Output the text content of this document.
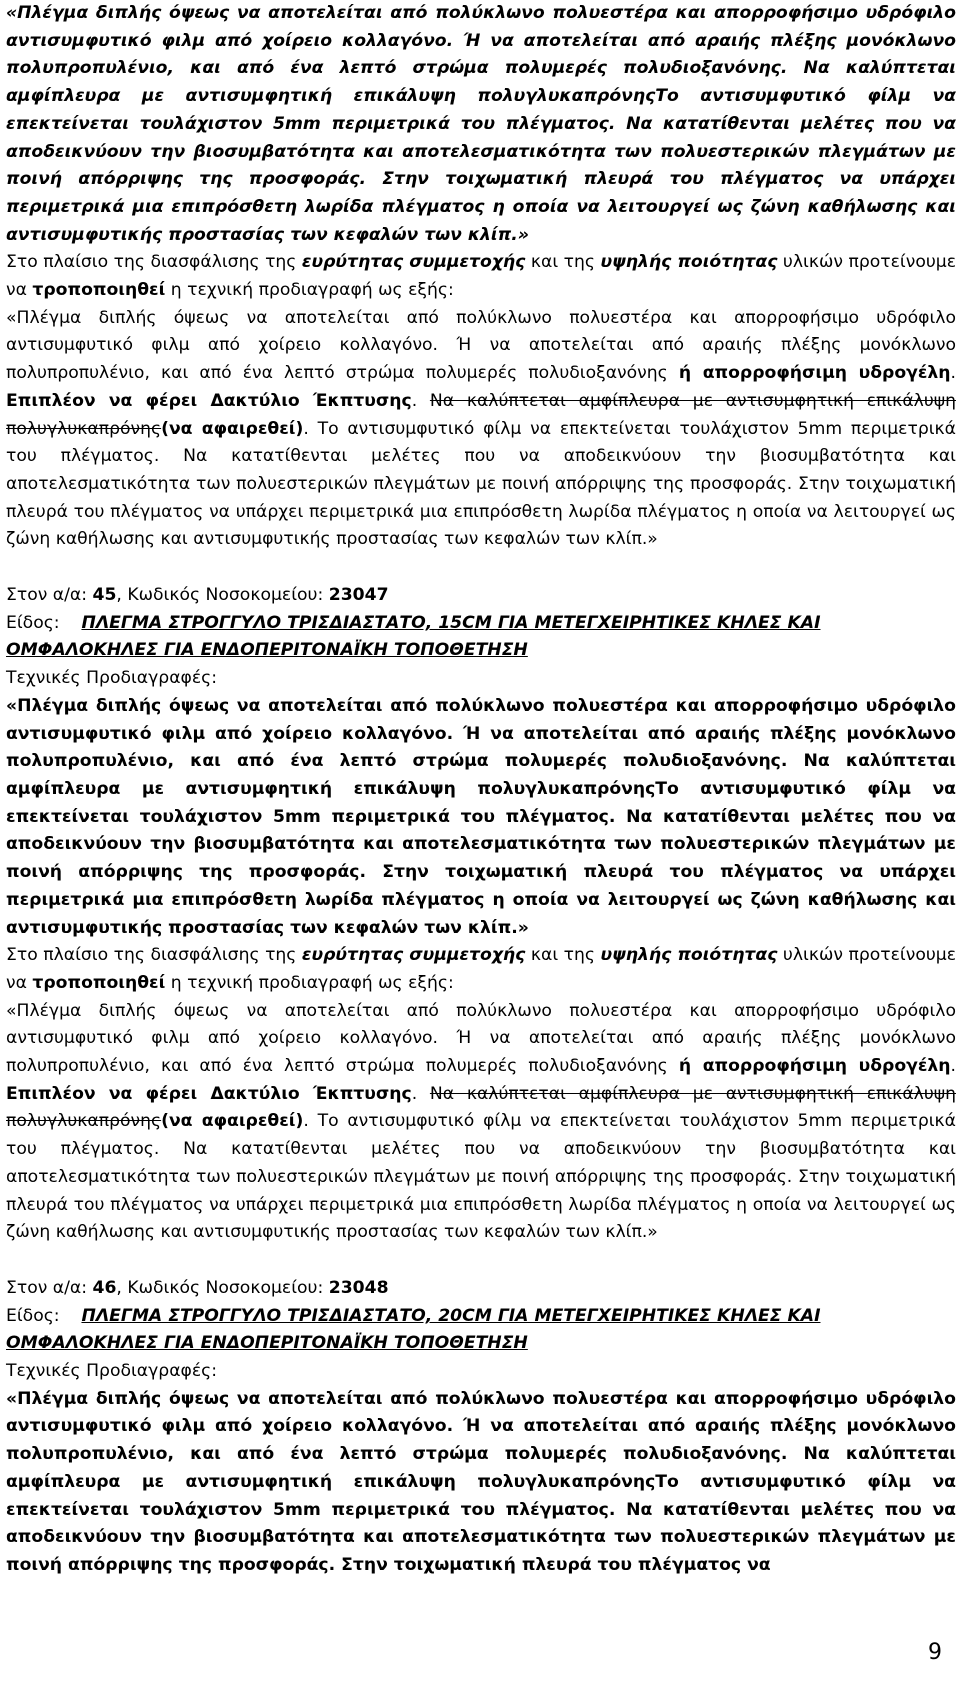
«Πλέγμα διπλής όψεως να αποτελείται από πολύκλωνο πολυεστέρα και απορροφήσιμο υδρόφιλο αντισυμφυτικό φιλμ από χοίρειο κολλαγόνο. Ή να αποτελείται από αραιής πλέξης μονόκλωνο πολυπροπυλένιο, και από ένα λεπτό στρώμα πολυμερές πολυδιοξανόνης. Να καλύπτεται αμφίπλευρα με αντισυμφητική επικάλυψη πολυγλυκαπρόνηςΤο αντισυμφυτικό φίλμ να επεκτείνεται τουλάχιστον 5mm περιμετρικά του πλέγματος. Να κατατίθενται μελέτες που να αποδεικνύουν την βιοσυμβατότητα και αποτελεσματικότητα των πολυεστερικών πλεγμάτων με ποινή απόρριψης της προσφοράς. Στην τοιχωματική πλευρά του πλέγματος να υπάρχει περιμετρικά μια επιπρόσθετη λωρίδα πλέγματος η οποία να λειτουργεί ως ζώνη καθήλωσης και αντισυμφυτικής προστασίας των κεφαλών των κλίπ.»

Στο πλαίσιο της διασφάλισης της ευρύτητας συμμετοχής και της υψηλής ποιότητας υλικών προτείνουμε να τροποποιηθεί η τεχνική προδιαγραφή ως εξής:

«Πλέγμα διπλής όψεως να αποτελείται από πολύκλωνο πολυεστέρα και απορροφήσιμο υδρόφιλο αντισυμφυτικό φιλμ από χοίρειο κολλαγόνο. Ή να αποτελείται από αραιής πλέξης μονόκλωνο πολυπροπυλένιο, και από ένα λεπτό στρώμα πολυμερές πολυδιοξανόνης ή απορροφήσιμη υδρογέλη. Επιπλέον να φέρει Δακτύλιο Έκπτυσης. Να καλύπτεται αμφίπλευρα με αντισυμφητική επικάλυψη πολυγλυκαπρόνης(να αφαιρεθεί). Το αντισυμφυτικό φίλμ να επεκτείνεται τουλάχιστον 5mm περιμετρικά του πλέγματος. Να κατατίθενται μελέτες που να αποδεικνύουν την βιοσυμβατότητα και αποτελεσματικότητα των πολυεστερικών πλεγμάτων με ποινή απόρριψης της προσφοράς. Στην τοιχωματική πλευρά του πλέγματος να υπάρχει περιμετρικά μια επιπρόσθετη λωρίδα πλέγματος η οποία να λειτουργεί ως ζώνη καθήλωσης και αντισυμφυτικής προστασίας των κεφαλών των κλίπ.»

Στον α/α: 45, Κωδικός Νοσοκομείου: 23047

Είδος: ΠΛΕΓΜΑ ΣΤΡΟΓΓΥΛΟ ΤΡΙΣΔΙΑΣΤΑΤΟ, 15CM ΓΙΑ ΜΕΤΕΓΧΕΙΡΗΤΙΚΕΣ ΚΗΛΕΣ ΚΑΙ ΟΜΦΑΛΟΚΗΛΕΣ ΓΙΑ ΕΝΔΟΠΕΡΙΤΟΝΑΪΚΗ ΤΟΠΟΘΕΤΗΣΗ

Τεχνικές Προδιαγραφές:

«Πλέγμα διπλής όψεως να αποτελείται από πολύκλωνο πολυεστέρα και απορροφήσιμο υδρόφιλο αντισυμφυτικό φιλμ από χοίρειο κολλαγόνο. Ή να αποτελείται από αραιής πλέξης μονόκλωνο πολυπροπυλένιο, και από ένα λεπτό στρώμα πολυμερές πολυδιοξανόνης. Να καλύπτεται αμφίπλευρα με αντισυμφητική επικάλυψη πολυγλυκαπρόνηςΤο αντισυμφυτικό φίλμ να επεκτείνεται τουλάχιστον 5mm περιμετρικά του πλέγματος. Να κατατίθενται μελέτες που να αποδεικνύουν την βιοσυμβατότητα και αποτελεσματικότητα των πολυεστερικών πλεγμάτων με ποινή απόρριψης της προσφοράς. Στην τοιχωματική πλευρά του πλέγματος να υπάρχει περιμετρικά μια επιπρόσθετη λωρίδα πλέγματος η οποία να λειτουργεί ως ζώνη καθήλωσης και αντισυμφυτικής προστασίας των κεφαλών των κλίπ.»

Στο πλαίσιο της διασφάλισης της ευρύτητας συμμετοχής και της υψηλής ποιότητας υλικών προτείνουμε να τροποποιηθεί η τεχνική προδιαγραφή ως εξής:

«Πλέγμα διπλής όψεως να αποτελείται από πολύκλωνο πολυεστέρα και απορροφήσιμο υδρόφιλο αντισυμφυτικό φιλμ από χοίρειο κολλαγόνο. Ή να αποτελείται από αραιής πλέξης μονόκλωνο πολυπροπυλένιο, και από ένα λεπτό στρώμα πολυμερές πολυδιοξανόνης ή απορροφήσιμη υδρογέλη. Επιπλέον να φέρει Δακτύλιο Έκπτυσης. Να καλύπτεται αμφίπλευρα με αντισυμφητική επικάλυψη πολυγλυκαπρόνης(να αφαιρεθεί). Το αντισυμφυτικό φίλμ να επεκτείνεται τουλάχιστον 5mm περιμετρικά του πλέγματος. Να κατατίθενται μελέτες που να αποδεικνύουν την βιοσυμβατότητα και αποτελεσματικότητα των πολυεστερικών πλεγμάτων με ποινή απόρριψης της προσφοράς. Στην τοιχωματική πλευρά του πλέγματος να υπάρχει περιμετρικά μια επιπρόσθετη λωρίδα πλέγματος η οποία να λειτουργεί ως ζώνη καθήλωσης και αντισυμφυτικής προστασίας των κεφαλών των κλίπ.»

Στον α/α: 46, Κωδικός Νοσοκομείου: 23048

Είδος: ΠΛΕΓΜΑ ΣΤΡΟΓΓΥΛΟ ΤΡΙΣΔΙΑΣΤΑΤΟ, 20CM ΓΙΑ ΜΕΤΕΓΧΕΙΡΗΤΙΚΕΣ ΚΗΛΕΣ ΚΑΙ ΟΜΦΑΛΟΚΗΛΕΣ ΓΙΑ ΕΝΔΟΠΕΡΙΤΟΝΑΪΚΗ ΤΟΠΟΘΕΤΗΣΗ

Τεχνικές Προδιαγραφές:

«Πλέγμα διπλής όψεως να αποτελείται από πολύκλωνο πολυεστέρα και απορροφήσιμο υδρόφιλο αντισυμφυτικό φιλμ από χοίρειο κολλαγόνο. Ή να αποτελείται από αραιής πλέξης μονόκλωνο πολυπροπυλένιο, και από ένα λεπτό στρώμα πολυμερές πολυδιοξανόνης. Να καλύπτεται αμφίπλευρα με αντισυμφητική επικάλυψη πολυγλυκαπρόνηςΤο αντισυμφυτικό φίλμ να επεκτείνεται τουλάχιστον 5mm περιμετρικά του πλέγματος. Να κατατίθενται μελέτες που να αποδεικνύουν την βιοσυμβατότητα και αποτελεσματικότητα των πολυεστερικών πλεγμάτων με ποινή απόρριψης της προσφοράς. Στην τοιχωματική πλευρά του πλέγματος να

9
